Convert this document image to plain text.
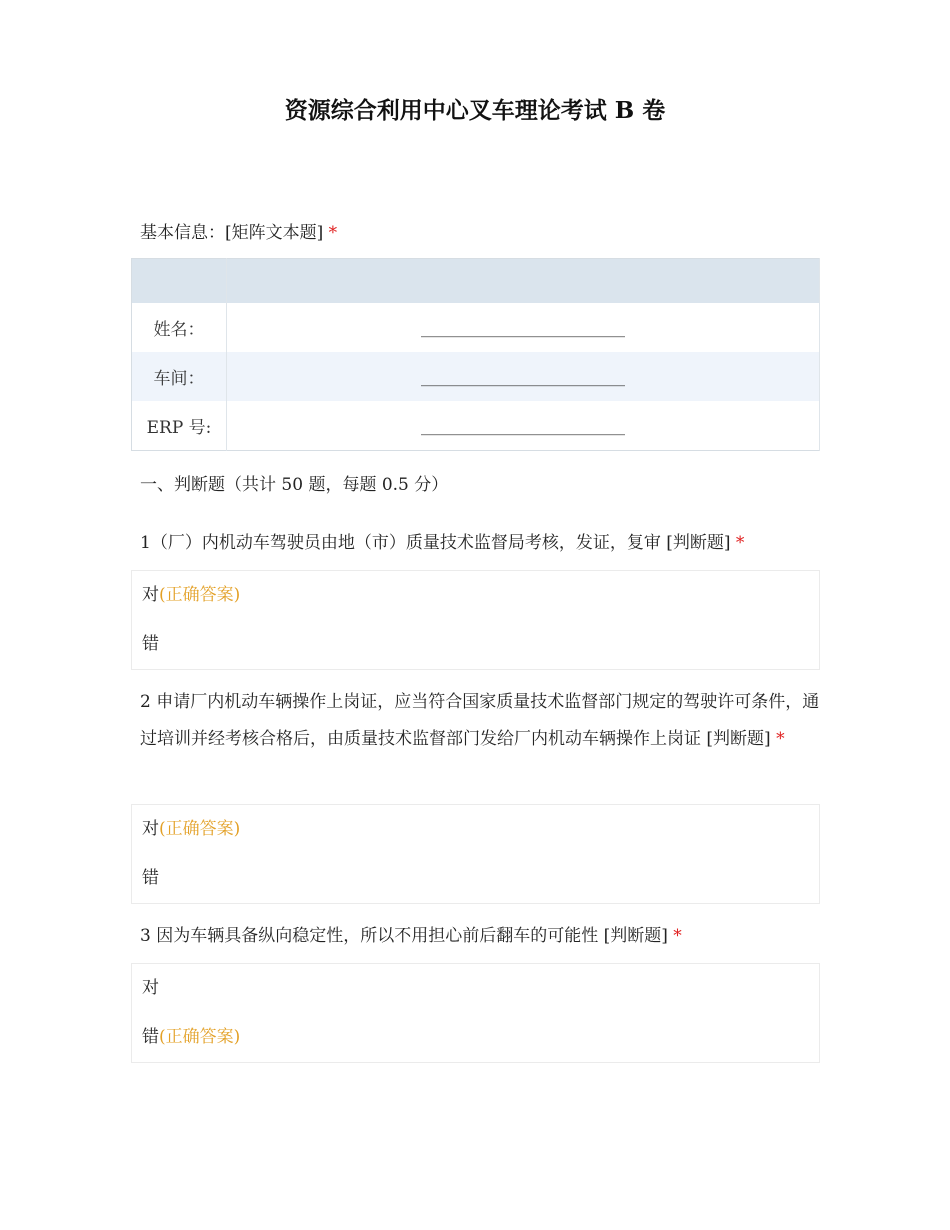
资源综合利用中心叉车理论考试 B 卷

基本信息：[矩阵文本题] *

姓名：	________________________
车间：	________________________
ERP 号:	________________________

一、判断题（共计 50 题，每题 0.5 分）

1（厂）内机动车驾驶员由地（市）质量技术监督局考核，发证，复审 [判断题] *

对(正确答案)
错

2 申请厂内机动车辆操作上岗证，应当符合国家质量技术监督部门规定的驾驶许可条件，通过培训并经考核合格后，由质量技术监督部门发给厂内机动车辆操作上岗证 [判断题] *

对(正确答案)
错

3 因为车辆具备纵向稳定性，所以不用担心前后翻车的可能性 [判断题] *

对
错(正确答案)
